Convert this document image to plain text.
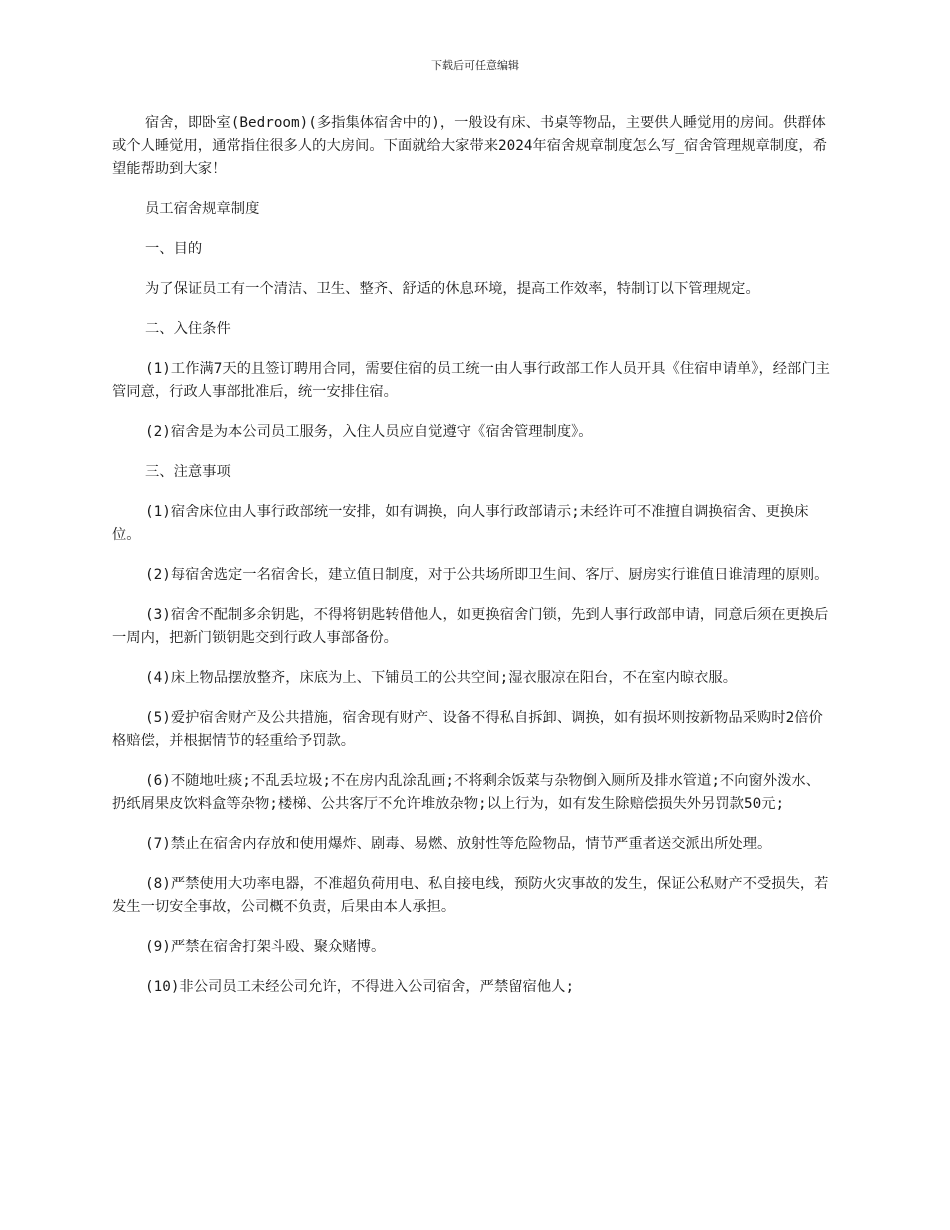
下载后可任意编辑

宿舍，即卧室(Bedroom)(多指集体宿舍中的)，一般设有床、书桌等物品，主要供人睡觉用的房间。供群体或个人睡觉用，通常指住很多人的大房间。下面就给大家带来2024年宿舍规章制度怎么写_宿舍管理规章制度，希望能帮助到大家！

员工宿舍规章制度

一、目的

为了保证员工有一个清洁、卫生、整齐、舒适的休息环境，提高工作效率，特制订以下管理规定。

二、入住条件

(1)工作满7天的且签订聘用合同，需要住宿的员工统一由人事行政部工作人员开具《住宿申请单》，经部门主管同意，行政人事部批准后，统一安排住宿。

(2)宿舍是为本公司员工服务，入住人员应自觉遵守《宿舍管理制度》。

三、注意事项

(1)宿舍床位由人事行政部统一安排，如有调换，向人事行政部请示;未经许可不准擅自调换宿舍、更换床位。

(2)每宿舍选定一名宿舍长，建立值日制度，对于公共场所即卫生间、客厅、厨房实行谁值日谁清理的原则。

(3)宿舍不配制多余钥匙，不得将钥匙转借他人，如更换宿舍门锁，先到人事行政部申请，同意后须在更换后一周内，把新门锁钥匙交到行政人事部备份。

(4)床上物品摆放整齐，床底为上、下铺员工的公共空间;湿衣服凉在阳台，不在室内晾衣服。

(5)爱护宿舍财产及公共措施，宿舍现有财产、设备不得私自拆卸、调换，如有损坏则按新物品采购时2倍价格赔偿，并根据情节的轻重给予罚款。

(6)不随地吐痰;不乱丢垃圾;不在房内乱涂乱画;不将剩余饭菜与杂物倒入厕所及排水管道;不向窗外泼水、扔纸屑果皮饮料盒等杂物;楼梯、公共客厅不允许堆放杂物;以上行为，如有发生除赔偿损失外另罚款50元;

(7)禁止在宿舍内存放和使用爆炸、剧毒、易燃、放射性等危险物品，情节严重者送交派出所处理。

(8)严禁使用大功率电器，不准超负荷用电、私自接电线，预防火灾事故的发生，保证公私财产不受损失，若发生一切安全事故，公司概不负责，后果由本人承担。

(9)严禁在宿舍打架斗殴、聚众赌博。

(10)非公司员工未经公司允许，不得进入公司宿舍，严禁留宿他人;
